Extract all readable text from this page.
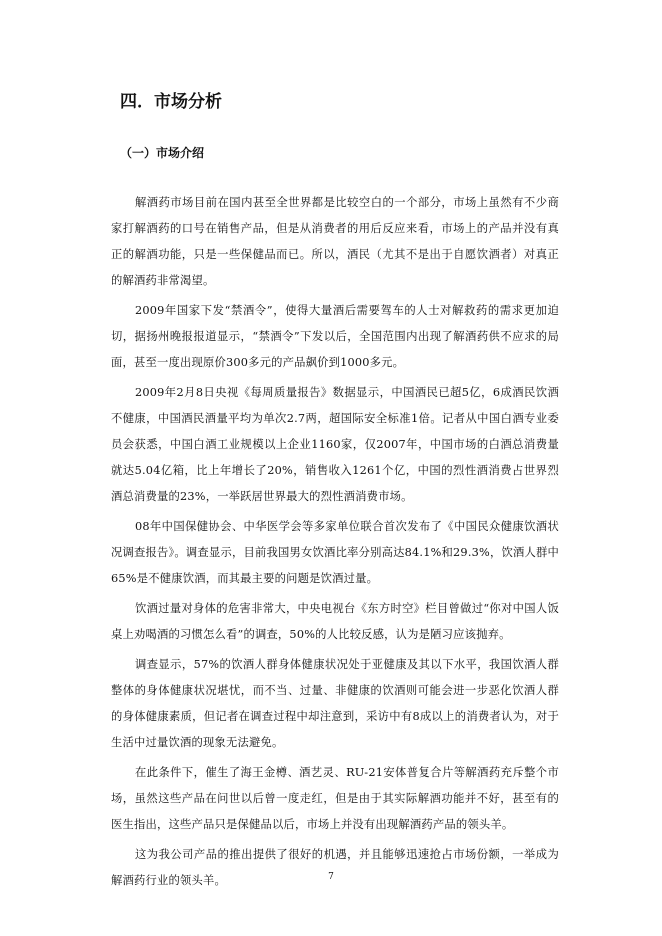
四．市场分析
（一）市场介绍

解酒药市场目前在国内甚至全世界都是比较空白的一个部分，市场上虽然有不少商家打解酒药的口号在销售产品，但是从消费者的用后反应来看，市场上的产品并没有真正的解酒功能，只是一些保健品而已。所以，酒民（尤其不是出于自愿饮酒者）对真正的解酒药非常渴望。

2009年国家下发“禁酒令”，使得大量酒后需要驾车的人士对解救药的需求更加迫切，据扬州晚报报道显示，“禁酒令”下发以后，全国范围内出现了解酒药供不应求的局面，甚至一度出现原价300多元的产品飙价到1000多元。

2009年2月8日央视《每周质量报告》数据显示，中国酒民已超5亿，6成酒民饮酒不健康，中国酒民酒量平均为单次2.7两，超国际安全标准1倍。记者从中国白酒专业委员会获悉，中国白酒工业规模以上企业1160家，仅2007年，中国市场的白酒总消费量就达5.04亿箱，比上年增长了20%，销售收入1261个亿，中国的烈性酒消费占世界烈酒总消费量的23%，一举跃居世界最大的烈性酒消费市场。

08年中国保健协会、中华医学会等多家单位联合首次发布了《中国民众健康饮酒状况调查报告》。调查显示，目前我国男女饮酒比率分别高达84.1%和29.3%，饮酒人群中65%是不健康饮酒，而其最主要的问题是饮酒过量。

饮酒过量对身体的危害非常大，中央电视台《东方时空》栏目曾做过“你对中国人饭桌上劝喝酒的习惯怎么看”的调查，50%的人比较反感，认为是陋习应该抛弃。

调查显示，57%的饮酒人群身体健康状况处于亚健康及其以下水平，我国饮酒人群整体的身体健康状况堪忧，而不当、过量、非健康的饮酒则可能会进一步恶化饮酒人群的身体健康素质，但记者在调查过程中却注意到，采访中有8成以上的消费者认为，对于生活中过量饮酒的现象无法避免。

在此条件下，催生了海王金樽、酒艺灵、RU-21安体普复合片等解酒药充斥整个市场，虽然这些产品在问世以后曾一度走红，但是由于其实际解酒功能并不好，甚至有的医生指出，这些产品只是保健品以后，市场上并没有出现解酒药产品的领头羊。

这为我公司产品的推出提供了很好的机遇，并且能够迅速抢占市场份额，一举成为解酒药行业的领头羊。	7
